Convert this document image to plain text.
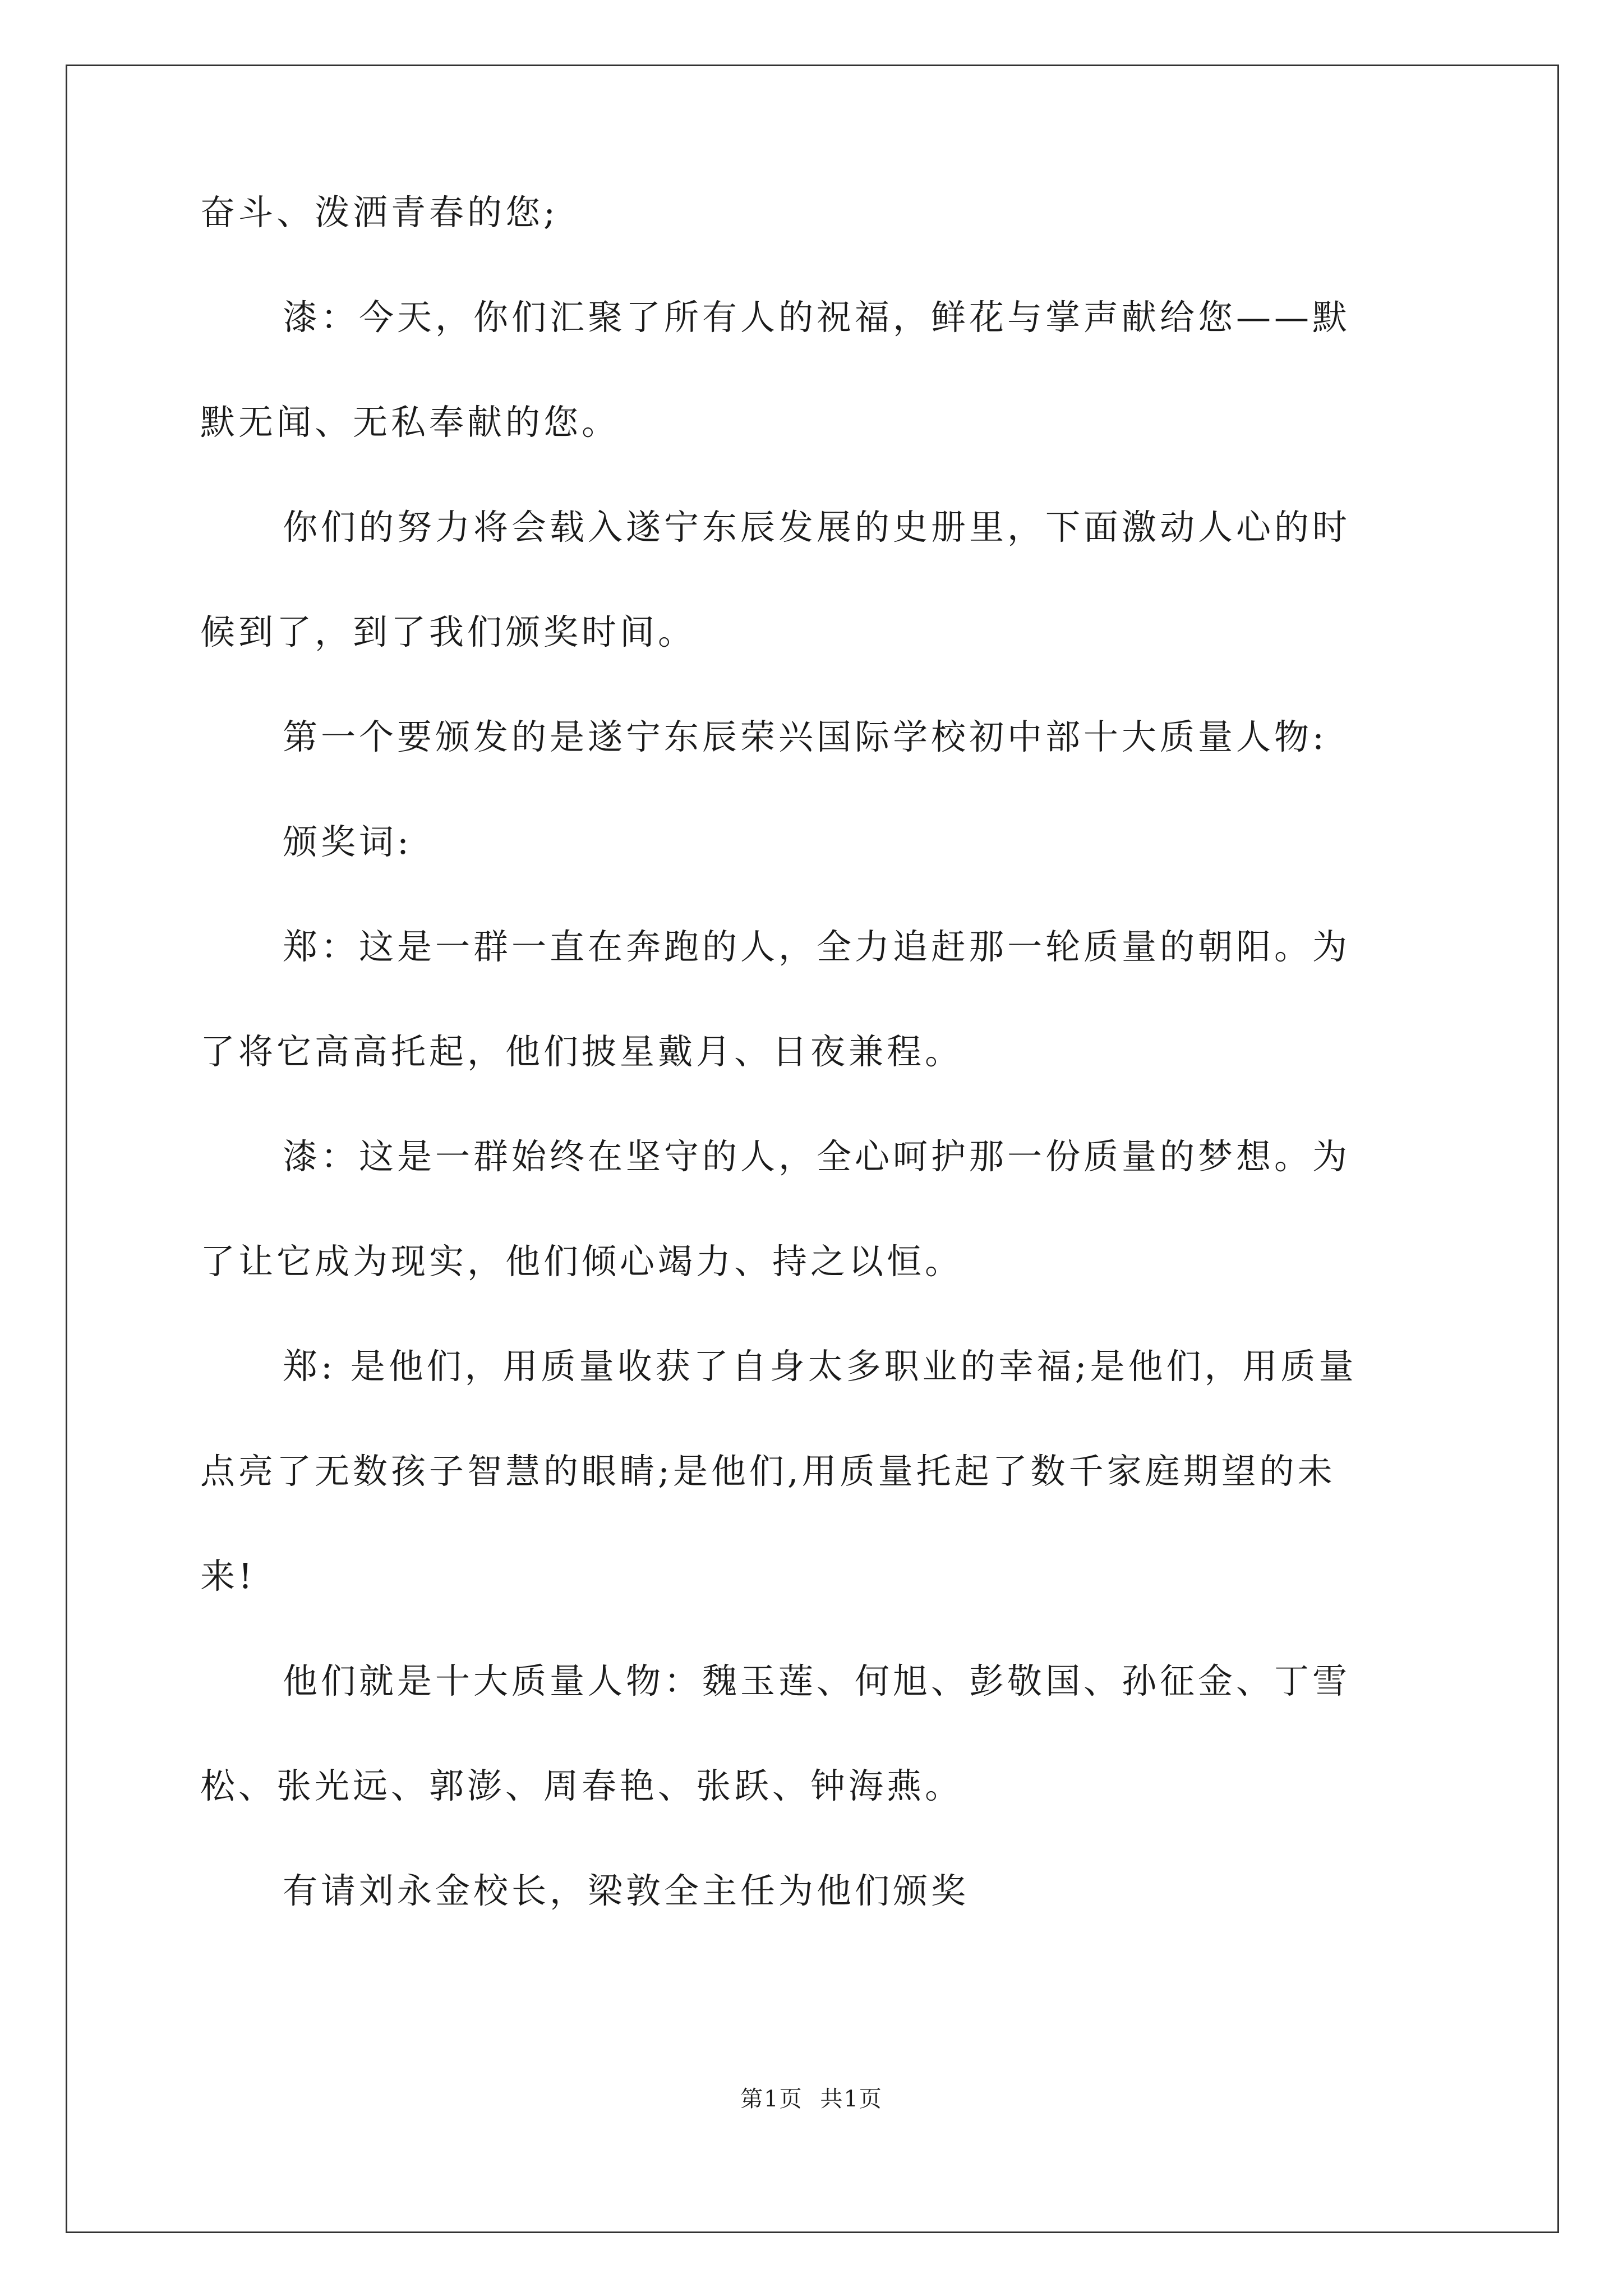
奋斗、泼洒青春的您;
漆：今天，你们汇聚了所有人的祝福，鲜花与掌声献给您——默
默无闻、无私奉献的您。
你们的努力将会载入遂宁东辰发展的史册里，下面激动人心的时
候到了，到了我们颁奖时间。
第一个要颁发的是遂宁东辰荣兴国际学校初中部十大质量人物:
颁奖词:
郑：这是一群一直在奔跑的人，全力追赶那一轮质量的朝阳。为
了将它高高托起，他们披星戴月、日夜兼程。
漆：这是一群始终在坚守的人，全心呵护那一份质量的梦想。为
了让它成为现实，他们倾心竭力、持之以恒。
郑: 是他们，用质量收获了自身太多职业的幸福;是他们，用质量
点亮了无数孩子智慧的眼睛;是他们,用质量托起了数千家庭期望的未
来!
他们就是十大质量人物：魏玉莲、何旭、彭敬国、孙征金、丁雪
松、张光远、郭澎、周春艳、张跃、钟海燕。
有请刘永金校长，梁敦全主任为他们颁奖
第1页 共1页
